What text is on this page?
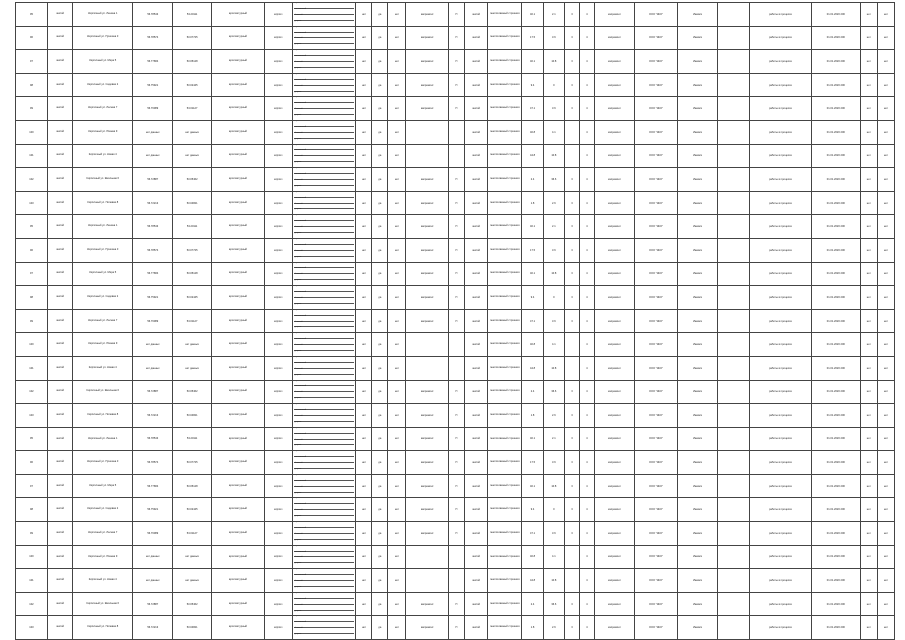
95	жилой	Кирпичный ул. Ленина 1	56.78543	53.20111	архитектурный	кирпич	кирпичный
монолитный
блочный
дерево	нет	да	нет	капремонт	П	жилой	многоэтажный строения	40.1	2.1	3	4	капремонт	ООО "ЭКО"	Ижевск		работы в процессе	01.01.2020 200	нет	нет
96	жилой	Кирпичный ул. Пушкина 3	56.78574	53.07725	архитектурный	кирпич	кирпичный
монолитный
блочный
дерево	нет	да	нет	капремонт	П	жилой	многоэтажный строения	17.5	3.6	3	4	капремонт	ООО "ЭКО"	Ижевск		работы в процессе	01.01.2020 200	нет	нет
97	жилой	Кирпичный ул. Мира 5	56.77684	53.05128	архитектурный	кирпич	кирпичный
монолитный
блочный
дерево	нет	да	нет	капремонт	П	жилой	многоэтажный строения	40.1	10.8	3	4	капремонт	ООО "ЭКО"	Ижевск		работы в процессе	01.01.2020 200	нет	нет
98	жилой	Кирпичный ул. Садовая 2	56.75921	53.02445	архитектурный	кирпич	кирпичный
монолитный
блочный
дерево	нет	да	нет	капремонт	П	жилой	многоэтажный строения	9.4	0	3	4	капремонт	ООО "ЭКО"	Ижевск		работы в процессе	01.01.2020 200	нет	нет
99	жилой	Кирпичный ул. Лесная 7	56.76089	53.01127	архитектурный	кирпич	кирпичный
монолитный
блочный
дерево	нет	да	нет	капремонт	П	жилой	многоэтажный строения	47.1	3.6	3	4	капремонт	ООО "ЭКО"	Ижевск		работы в процессе	01.01.2020 200	нет	нет
100	жилой	Кирпичный ул. Южная 9	нет данных	нет данных	архитектурный	кирпич	кирпичный
монолитный
блочный
дерево	нет	да	нет			жилой	многоэтажный строения	40.8	4.1		4	капремонт	ООО "ЭКО"	Ижевск		работы в процессе	01.01.2020 200	нет	нет
101	жилой	Кирпичный ул. Новая 4	нет данных	нет данных	архитектурный	кирпич	кирпичный
монолитный
блочный
дерево	нет	да	нет			жилой	многоэтажный строения	44.8	10.8		4	капремонт	ООО "ЭКО"	Ижевск		работы в процессе	01.01.2020 200	нет	нет
102	жилой	Кирпичный ул. Школьная 6	56.72887	53.05462	архитектурный	кирпич	кирпичный
монолитный
блочный
дерево	нет	да	нет	капремонт	П	жилой	многоэтажный строения	2.4	36.6	3	4	капремонт	ООО "ЭКО"	Ижевск		работы в процессе	01.01.2020 200	нет	нет
103	жилой	Кирпичный ул. Полевая 8	56.72213	53.04821	архитектурный	кирпич	кирпичный
монолитный
блочный
дерево	нет	да	нет	капремонт	П	жилой	многоэтажный строения	1.8	2.6	3	4	капремонт	ООО "ЭКО"	Ижевск		работы в процессе	01.01.2020 200	нет	нет
95	жилой	Кирпичный ул. Ленина 1	56.78543	53.20111	архитектурный	кирпич	кирпичный
монолитный
блочный
дерево	нет	да	нет	капремонт	П	жилой	многоэтажный строения	40.1	2.1	3	4	капремонт	ООО "ЭКО"	Ижевск		работы в процессе	01.01.2020 200	нет	нет
96	жилой	Кирпичный ул. Пушкина 3	56.78574	53.07725	архитектурный	кирпич	кирпичный
монолитный
блочный
дерево	нет	да	нет	капремонт	П	жилой	многоэтажный строения	17.5	3.6	3	4	капремонт	ООО "ЭКО"	Ижевск		работы в процессе	01.01.2020 200	нет	нет
97	жилой	Кирпичный ул. Мира 5	56.77684	53.05128	архитектурный	кирпич	кирпичный
монолитный
блочный
дерево	нет	да	нет	капремонт	П	жилой	многоэтажный строения	40.1	10.8	3	4	капремонт	ООО "ЭКО"	Ижевск		работы в процессе	01.01.2020 200	нет	нет
98	жилой	Кирпичный ул. Садовая 2	56.75921	53.02445	архитектурный	кирпич	кирпичный
монолитный
блочный
дерево	нет	да	нет	капремонт	П	жилой	многоэтажный строения	9.4	0	3	4	капремонт	ООО "ЭКО"	Ижевск		работы в процессе	01.01.2020 200	нет	нет
99	жилой	Кирпичный ул. Лесная 7	56.76089	53.01127	архитектурный	кирпич	кирпичный
монолитный
блочный
дерево	нет	да	нет	капремонт	П	жилой	многоэтажный строения	47.1	3.6	3	4	капремонт	ООО "ЭКО"	Ижевск		работы в процессе	01.01.2020 200	нет	нет
100	жилой	Кирпичный ул. Южная 9	нет данных	нет данных	архитектурный	кирпич	кирпичный
монолитный
блочный
дерево	нет	да	нет			жилой	многоэтажный строения	40.8	4.1		4	капремонт	ООО "ЭКО"	Ижевск		работы в процессе	01.01.2020 200	нет	нет
101	жилой	Кирпичный ул. Новая 4	нет данных	нет данных	архитектурный	кирпич	кирпичный
монолитный
блочный
дерево	нет	да	нет			жилой	многоэтажный строения	44.8	10.8		4	капремонт	ООО "ЭКО"	Ижевск		работы в процессе	01.01.2020 200	нет	нет
102	жилой	Кирпичный ул. Школьная 6	56.72887	53.05462	архитектурный	кирпич	кирпичный
монолитный
блочный
дерево	нет	да	нет	капремонт	П	жилой	многоэтажный строения	2.4	36.6	3	4	капремонт	ООО "ЭКО"	Ижевск		работы в процессе	01.01.2020 200	нет	нет
103	жилой	Кирпичный ул. Полевая 8	56.72213	53.04821	архитектурный	кирпич	кирпичный
монолитный
блочный
дерево	нет	да	нет	капремонт	П	жилой	многоэтажный строения	1.8	2.6	3	4	капремонт	ООО "ЭКО"	Ижевск		работы в процессе	01.01.2020 200	нет	нет
95	жилой	Кирпичный ул. Ленина 1	56.78543	53.20111	архитектурный	кирпич	кирпичный
монолитный
блочный
дерево	нет	да	нет	капремонт	П	жилой	многоэтажный строения	40.1	2.1	3	4	капремонт	ООО "ЭКО"	Ижевск		работы в процессе	01.01.2020 200	нет	нет
96	жилой	Кирпичный ул. Пушкина 3	56.78574	53.07725	архитектурный	кирпич	кирпичный
монолитный
блочный
дерево	нет	да	нет	капремонт	П	жилой	многоэтажный строения	17.5	3.6	3	4	капремонт	ООО "ЭКО"	Ижевск		работы в процессе	01.01.2020 200	нет	нет
97	жилой	Кирпичный ул. Мира 5	56.77684	53.05128	архитектурный	кирпич	кирпичный
монолитный
блочный
дерево	нет	да	нет	капремонт	П	жилой	многоэтажный строения	40.1	10.8	3	4	капремонт	ООО "ЭКО"	Ижевск		работы в процессе	01.01.2020 200	нет	нет
98	жилой	Кирпичный ул. Садовая 2	56.75921	53.02445	архитектурный	кирпич	кирпичный
монолитный
блочный
дерево	нет	да	нет	капремонт	П	жилой	многоэтажный строения	9.4	0	3	4	капремонт	ООО "ЭКО"	Ижевск		работы в процессе	01.01.2020 200	нет	нет
99	жилой	Кирпичный ул. Лесная 7	56.76089	53.01127	архитектурный	кирпич	кирпичный
монолитный
блочный
дерево	нет	да	нет	капремонт	П	жилой	многоэтажный строения	47.1	3.6	3	4	капремонт	ООО "ЭКО"	Ижевск		работы в процессе	01.01.2020 200	нет	нет
100	жилой	Кирпичный ул. Южная 9	нет данных	нет данных	архитектурный	кирпич	кирпичный
монолитный
блочный
дерево	нет	да	нет			жилой	многоэтажный строения	40.8	4.1		4	капремонт	ООО "ЭКО"	Ижевск		работы в процессе	01.01.2020 200	нет	нет
101	жилой	Кирпичный ул. Новая 4	нет данных	нет данных	архитектурный	кирпич	кирпичный
монолитный
блочный
дерево	нет	да	нет			жилой	многоэтажный строения	44.8	10.8		4	капремонт	ООО "ЭКО"	Ижевск		работы в процессе	01.01.2020 200	нет	нет
102	жилой	Кирпичный ул. Школьная 6	56.72887	53.05462	архитектурный	кирпич	кирпичный
монолитный
блочный
дерево	нет	да	нет	капремонт	П	жилой	многоэтажный строения	2.4	36.6	3	4	капремонт	ООО "ЭКО"	Ижевск		работы в процессе	01.01.2020 200	нет	нет
103	жилой	Кирпичный ул. Полевая 8	56.72213	53.04821	архитектурный	кирпич	кирпичный
монолитный
блочный
дерево	нет	да	нет	капремонт	П	жилой	многоэтажный строения	1.8	2.6	3	4	капремонт	ООО "ЭКО"	Ижевск		работы в процессе	01.01.2020 200	нет	нет
